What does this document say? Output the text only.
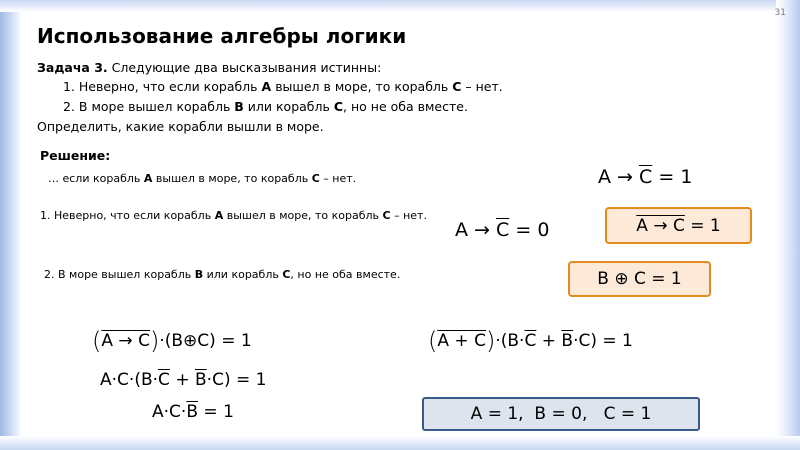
31
Использование алгебры логики
Задача 3. Следующие два высказывания истинны:
1. Неверно, что если корабль A вышел в море, то корабль C – нет.
2. В море вышел корабль B или корабль C, но не оба вместе.
Определить, какие корабли вышли в море.
Решение:
… если корабль A вышел в море, то корабль C – нет.	$A \to \overline{C} = 1$
1. Неверно, что если корабль A вышел в море, то корабль C – нет.
$A \to \overline{C} = 0$	A → C = 1
2. В море вышел корабль B или корабль C, но не оба вместе.	B ⊕ C = 1
(A → C)·(B⊕C) = 1	$(A + C)\cdot(B\cdot\overline{C} + \overline{B}\cdot C) = 1$
$A\cdot C\cdot(B\cdot\overline{C} + \overline{B}\cdot C) = 1$
$A\cdot C\cdot\overline{B} = 1$	A = 1, B = 0, C = 1
